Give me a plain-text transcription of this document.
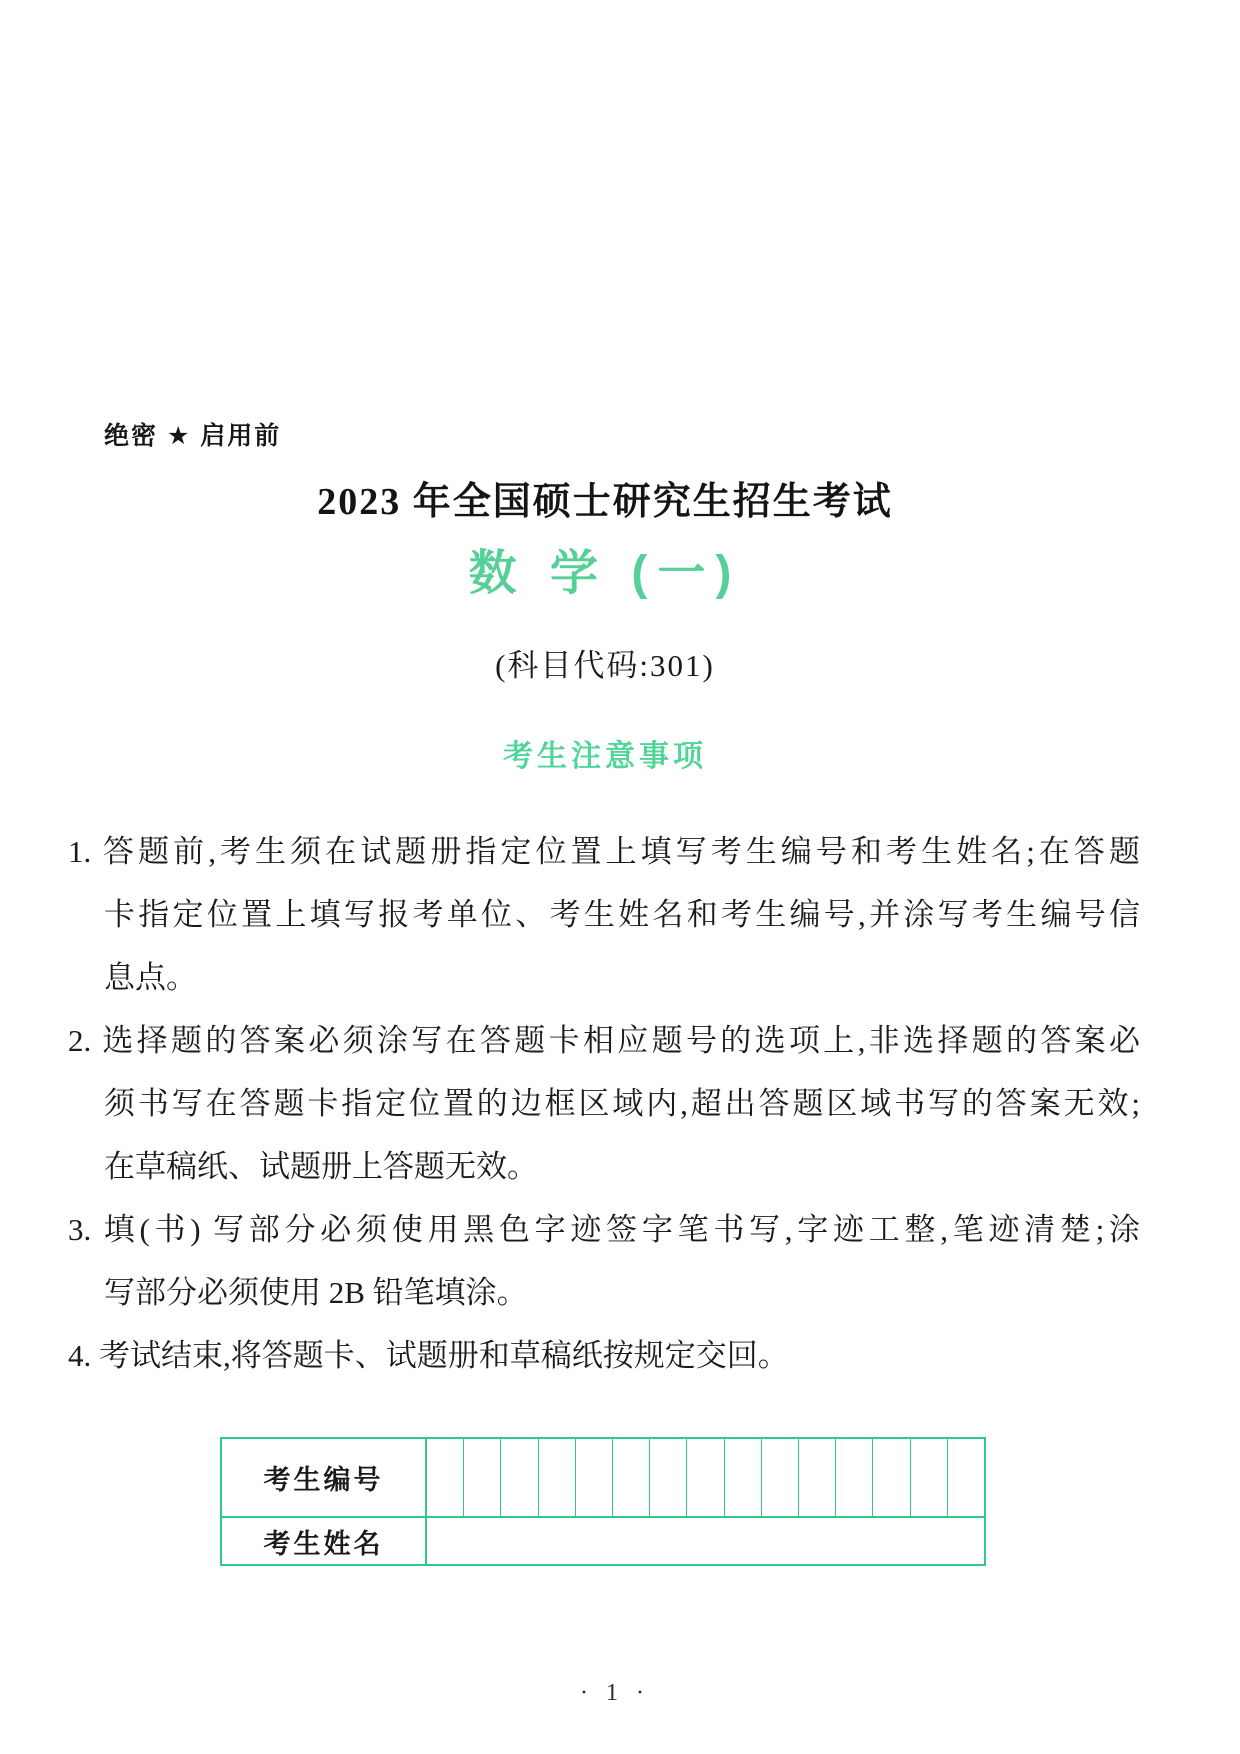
绝密 ★ 启用前
2023 年全国硕士研究生招生考试
数 学 (一)
(科目代码:301)
考生注意事项
1. 答题前,考生须在试题册指定位置上填写考生编号和考生姓名;在答题
卡指定位置上填写报考单位、考生姓名和考生编号,并涂写考生编号信
息点。
2. 选择题的答案必须涂写在答题卡相应题号的选项上,非选择题的答案必
须书写在答题卡指定位置的边框区域内,超出答题区域书写的答案无效;
在草稿纸、试题册上答题无效。
3. 填(书) 写部分必须使用黑色字迹签字笔书写,字迹工整,笔迹清楚;涂
写部分必须使用 2B 铅笔填涂。
4. 考试结束,将答题卡、试题册和草稿纸按规定交回。
考生编号
考生姓名
· 1 ·
